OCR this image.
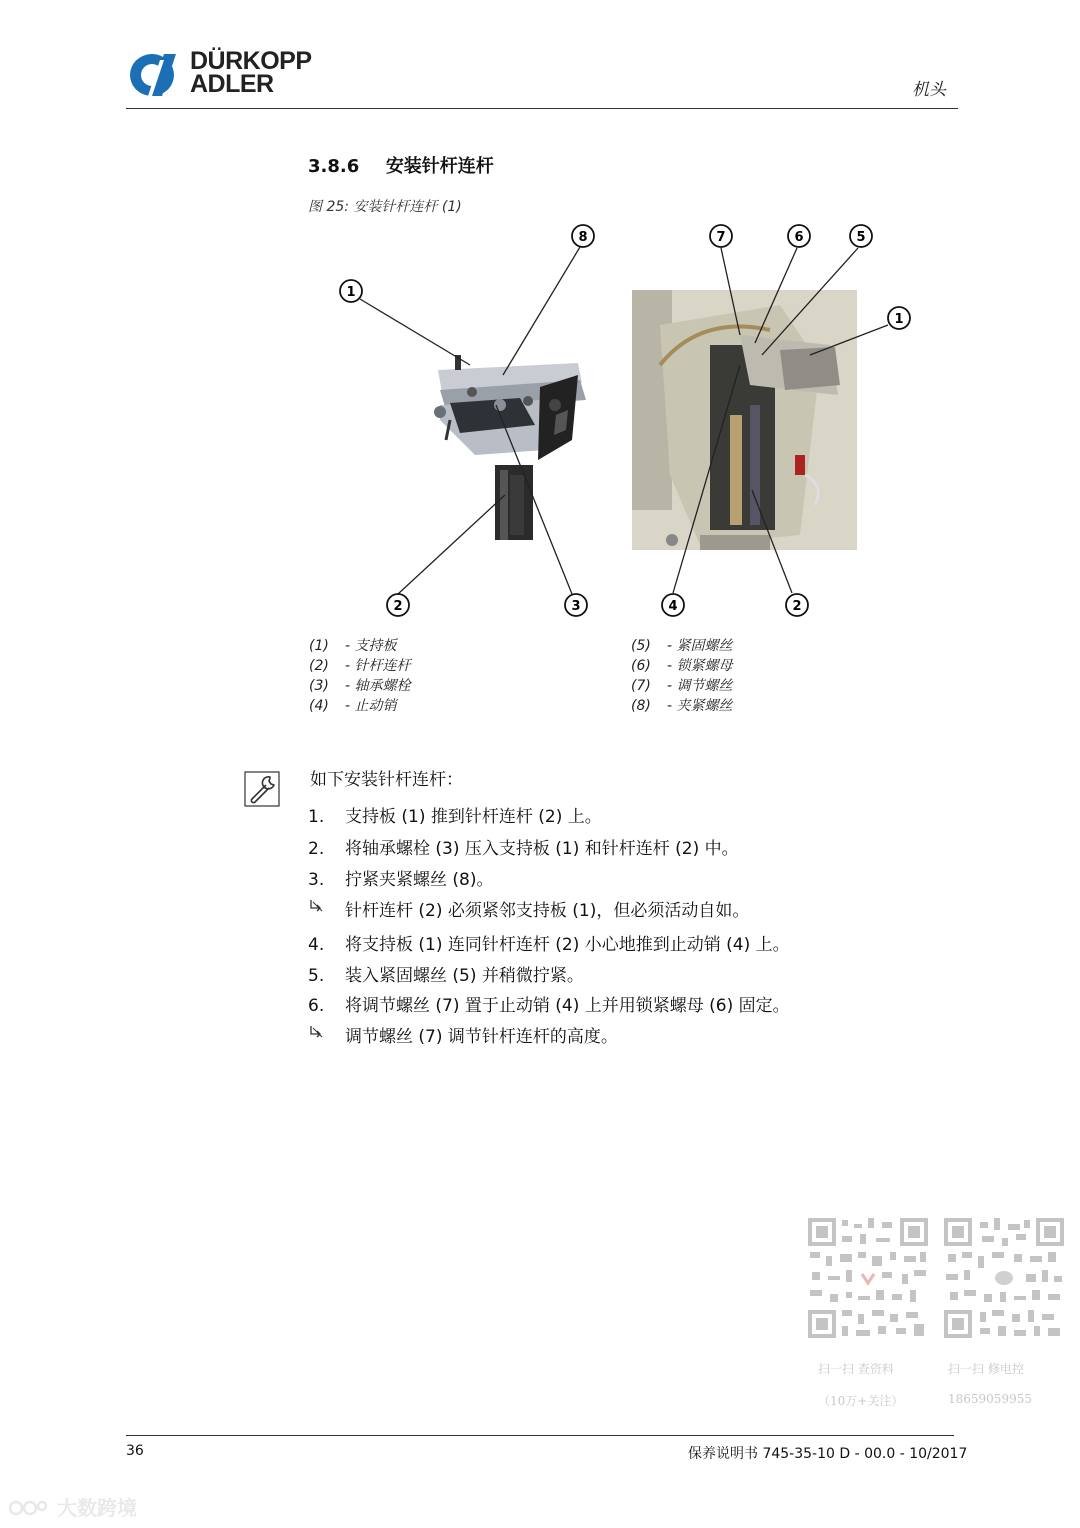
DÜRKOPP
ADLER	机头
3.8.6 安装针杆连杆
图 25: 安装针杆连杆 (1)
1
8
2	3
7	6	5
1
4	2
(1) - 支持板
(2) - 针杆连杆
(3) - 轴承螺栓
(4) - 止动销
(5) - 紧固螺丝
(6) - 锁紧螺母
(7) - 调节螺丝
(8) - 夹紧螺丝
如下安装针杆连杆：
1. 支持板 (1) 推到针杆连杆 (2) 上。
2. 将轴承螺栓 (3) 压入支持板 (1) 和针杆连杆 (2) 中。
3. 拧紧夹紧螺丝 (8)。
针杆连杆 (2) 必须紧邻支持板 (1)，但必须活动自如。
4. 将支持板 (1) 连同针杆连杆 (2) 小心地推到止动销 (4) 上。
5. 装入紧固螺丝 (5) 并稍微拧紧。
6. 将调节螺丝 (7) 置于止动销 (4) 上并用锁紧螺母 (6) 固定。
调节螺丝 (7) 调节针杆连杆的高度。
扫一扫 查资料
（10万+关注）
扫一扫 修电控
18659059955
36	保养说明书 745-35-10 D - 00.0 - 10/2017
大数跨境
